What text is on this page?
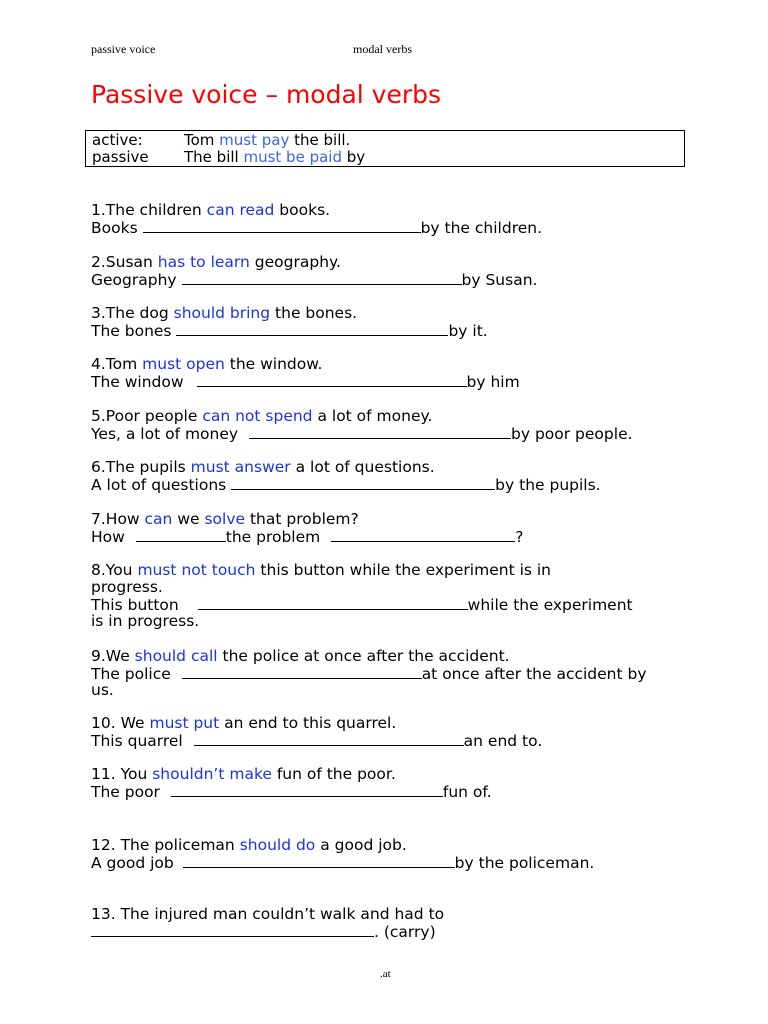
passive voice	modal verbs
Passive voice – modal verbs
active:	Tom must pay the bill.
passive The bill must be paid by
1.The children can read books.
Books	by the children.
2.Susan has to learn geography.
Geography	by Susan.
3.The dog should bring the bones.
The bones	by it.
4.Tom must open the window.
The window	by him
5.Poor people can not spend a lot of money.
Yes, a lot of money	by poor people.
6.The pupils must answer a lot of questions.
A lot of questions	by the pupils.
7.How can we solve that problem?
How	the problem	?
8.You must not touch this button while the experiment is in
progress.
This button	while the experiment
is in progress.
9.We should call the police at once after the accident.
The police	at once after the accident by
us.
10. We must put an end to this quarrel.
This quarrel	an end to.
11. You shouldn’t make fun of the poor.
The poor	fun of.
12. The policeman should do a good job.
A good job	by the policeman.
13. The injured man couldn’t walk and had to
. (carry)
.at
